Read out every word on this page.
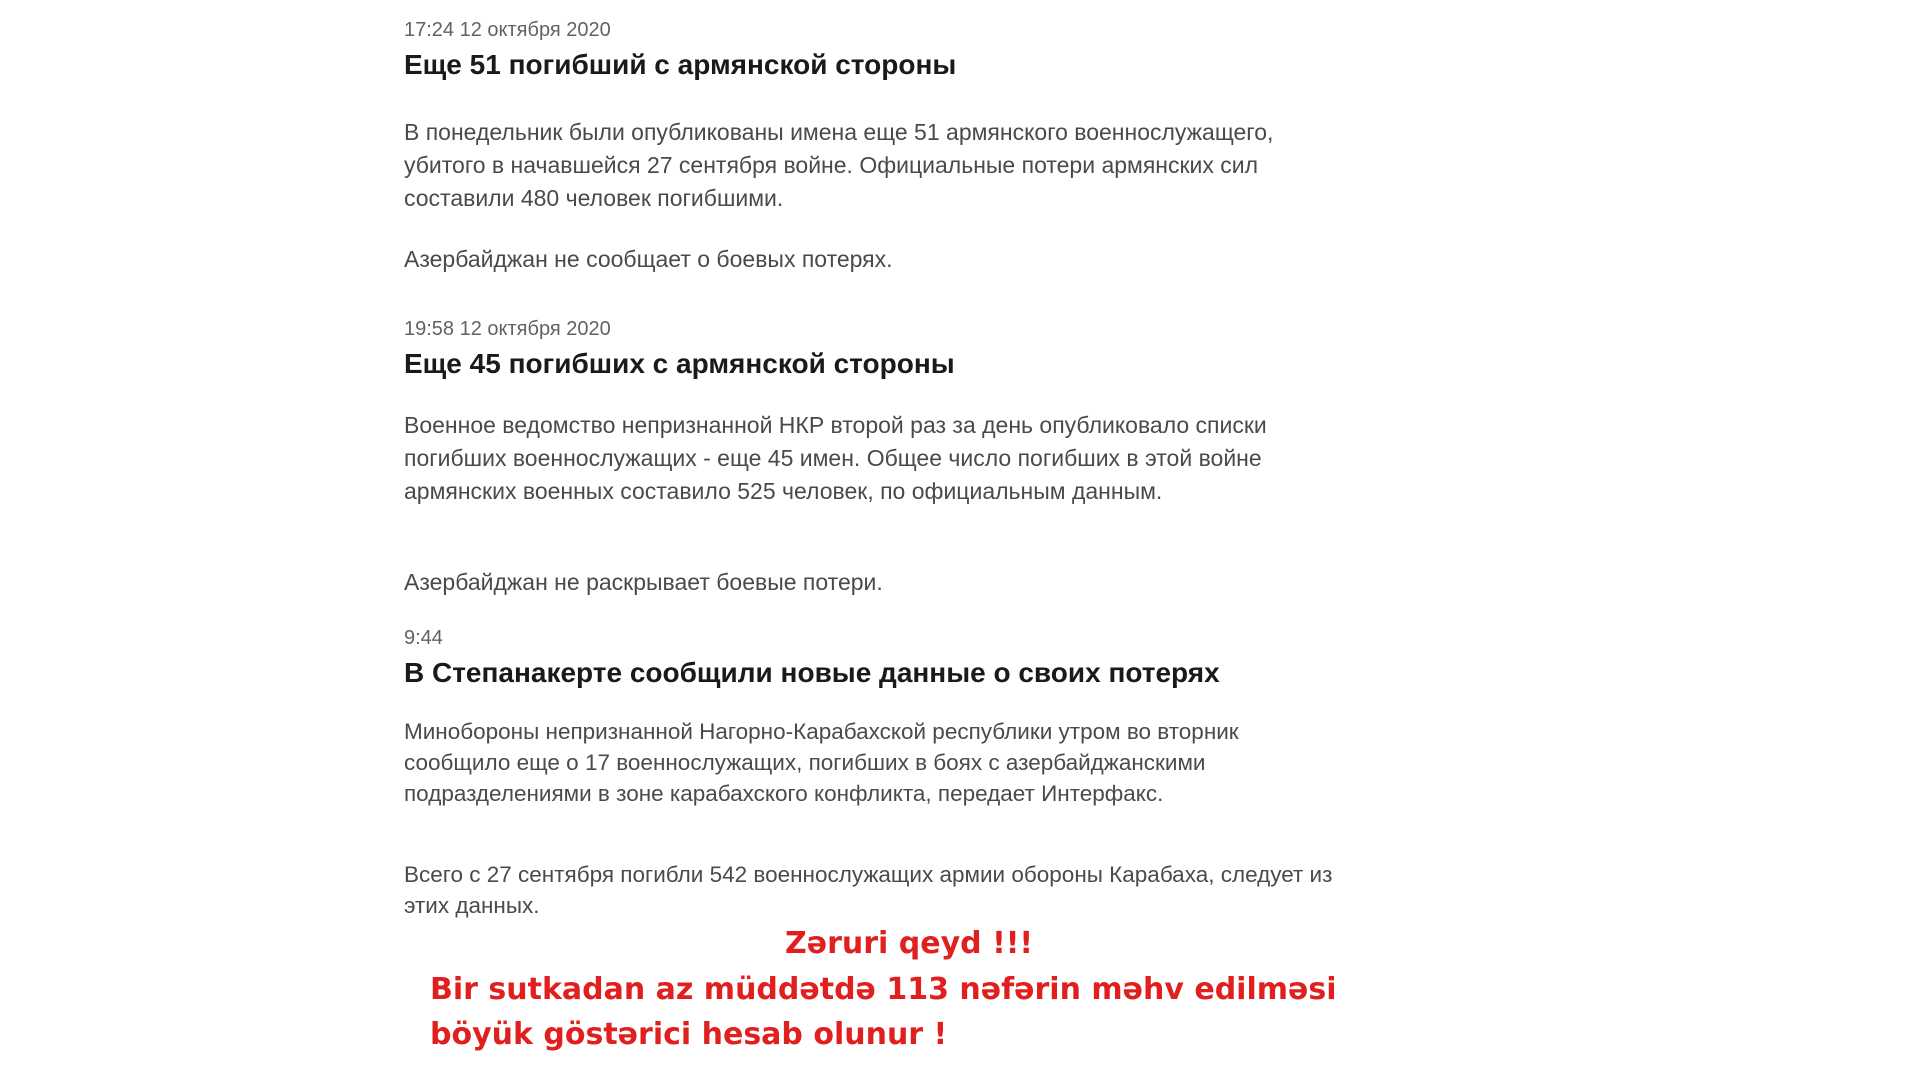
17:24 12 октября 2020

Еще 51 погибший с армянской стороны

В понедельник были опубликованы имена еще 51 армянского военнослужащего, убитого в начавшейся 27 сентября войне. Официальные потери армянских сил составили 480 человек погибшими.

Азербайджан не сообщает о боевых потерях.

19:58 12 октября 2020

Еще 45 погибших с армянской стороны

Военное ведомство непризнанной НКР второй раз за день опубликовало списки погибших военнослужащих - еще 45 имен. Общее число погибших в этой войне армянских военных составило 525 человек, по официальным данным.

Азербайджан не раскрывает боевые потери.

9:44

В Степанакерте сообщили новые данные о своих потерях

Минобороны непризнанной Нагорно-Карабахской республики утром во вторник сообщило еще о 17 военнослужащих, погибших в боях с азербайджанскими подразделениями в зоне карабахского конфликта, передает Интерфакс.

Всего с 27 сентября погибли 542 военнослужащих армии обороны Карабаха, следует из этих данных.

Zəruri qeyd !!!
Bir sutkadan az müddətdə 113 nəfərin məhv edilməsi
böyük göstərici hesab olunur !
